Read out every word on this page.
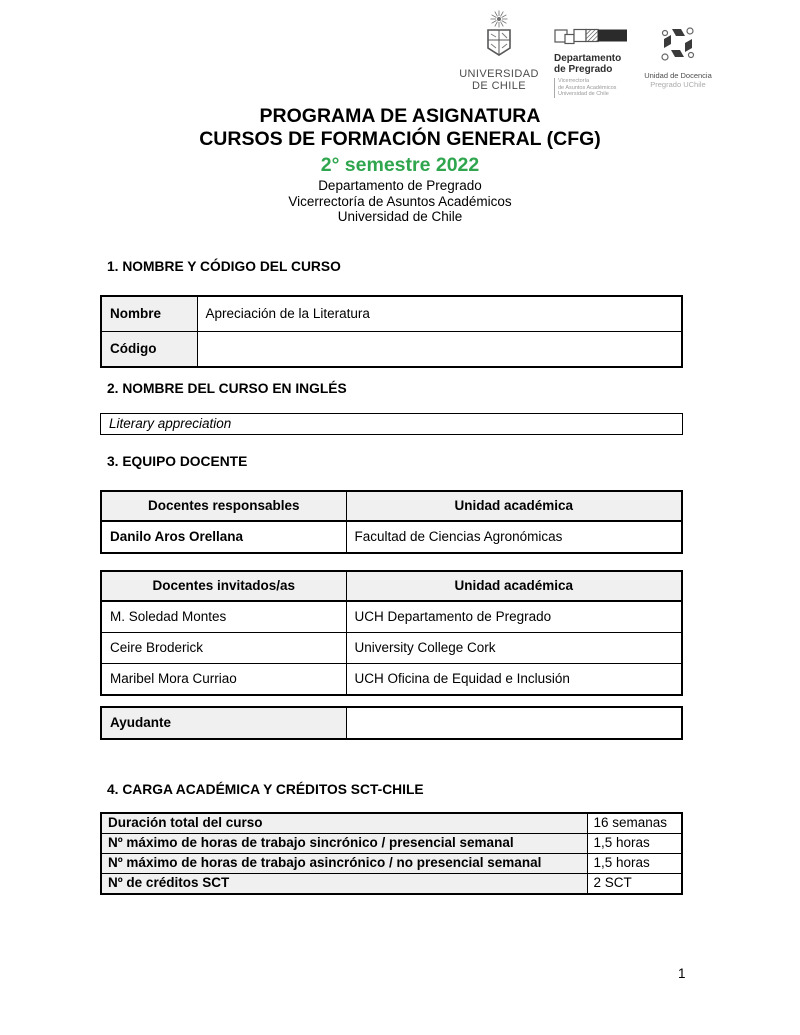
UNIVERSIDAD
DE CHILE
Departamento
de Pregrado
Vicerrectoría
de Asuntos Académicos
Universidad de Chile
Unidad de Docencia
Pregrado UChile
PROGRAMA DE ASIGNATURA
CURSOS DE FORMACIÓN GENERAL (CFG)
2° semestre 2022
Departamento de Pregrado
Vicerrectoría de Asuntos Académicos
Universidad de Chile
1. NOMBRE Y CÓDIGO DEL CURSO
Nombre	Apreciación de la Literatura
Código	
2. NOMBRE DEL CURSO EN INGLÉS
Literary appreciation
3. EQUIPO DOCENTE
Docentes responsables	Unidad académica
Danilo Aros Orellana	Facultad de Ciencias Agronómicas
Docentes invitados/as	Unidad académica
M. Soledad Montes	UCH Departamento de Pregrado
Ceire Broderick	University College Cork
Maribel Mora Curriao	UCH Oficina de Equidad e Inclusión
Ayudante	
4. CARGA ACADÉMICA Y CRÉDITOS SCT-CHILE
Duración total del curso	16 semanas
Nº máximo de horas de trabajo sincrónico / presencial semanal	1,5 horas
Nº máximo de horas de trabajo asincrónico / no presencial semanal	1,5 horas
Nº de créditos SCT	2 SCT
1
